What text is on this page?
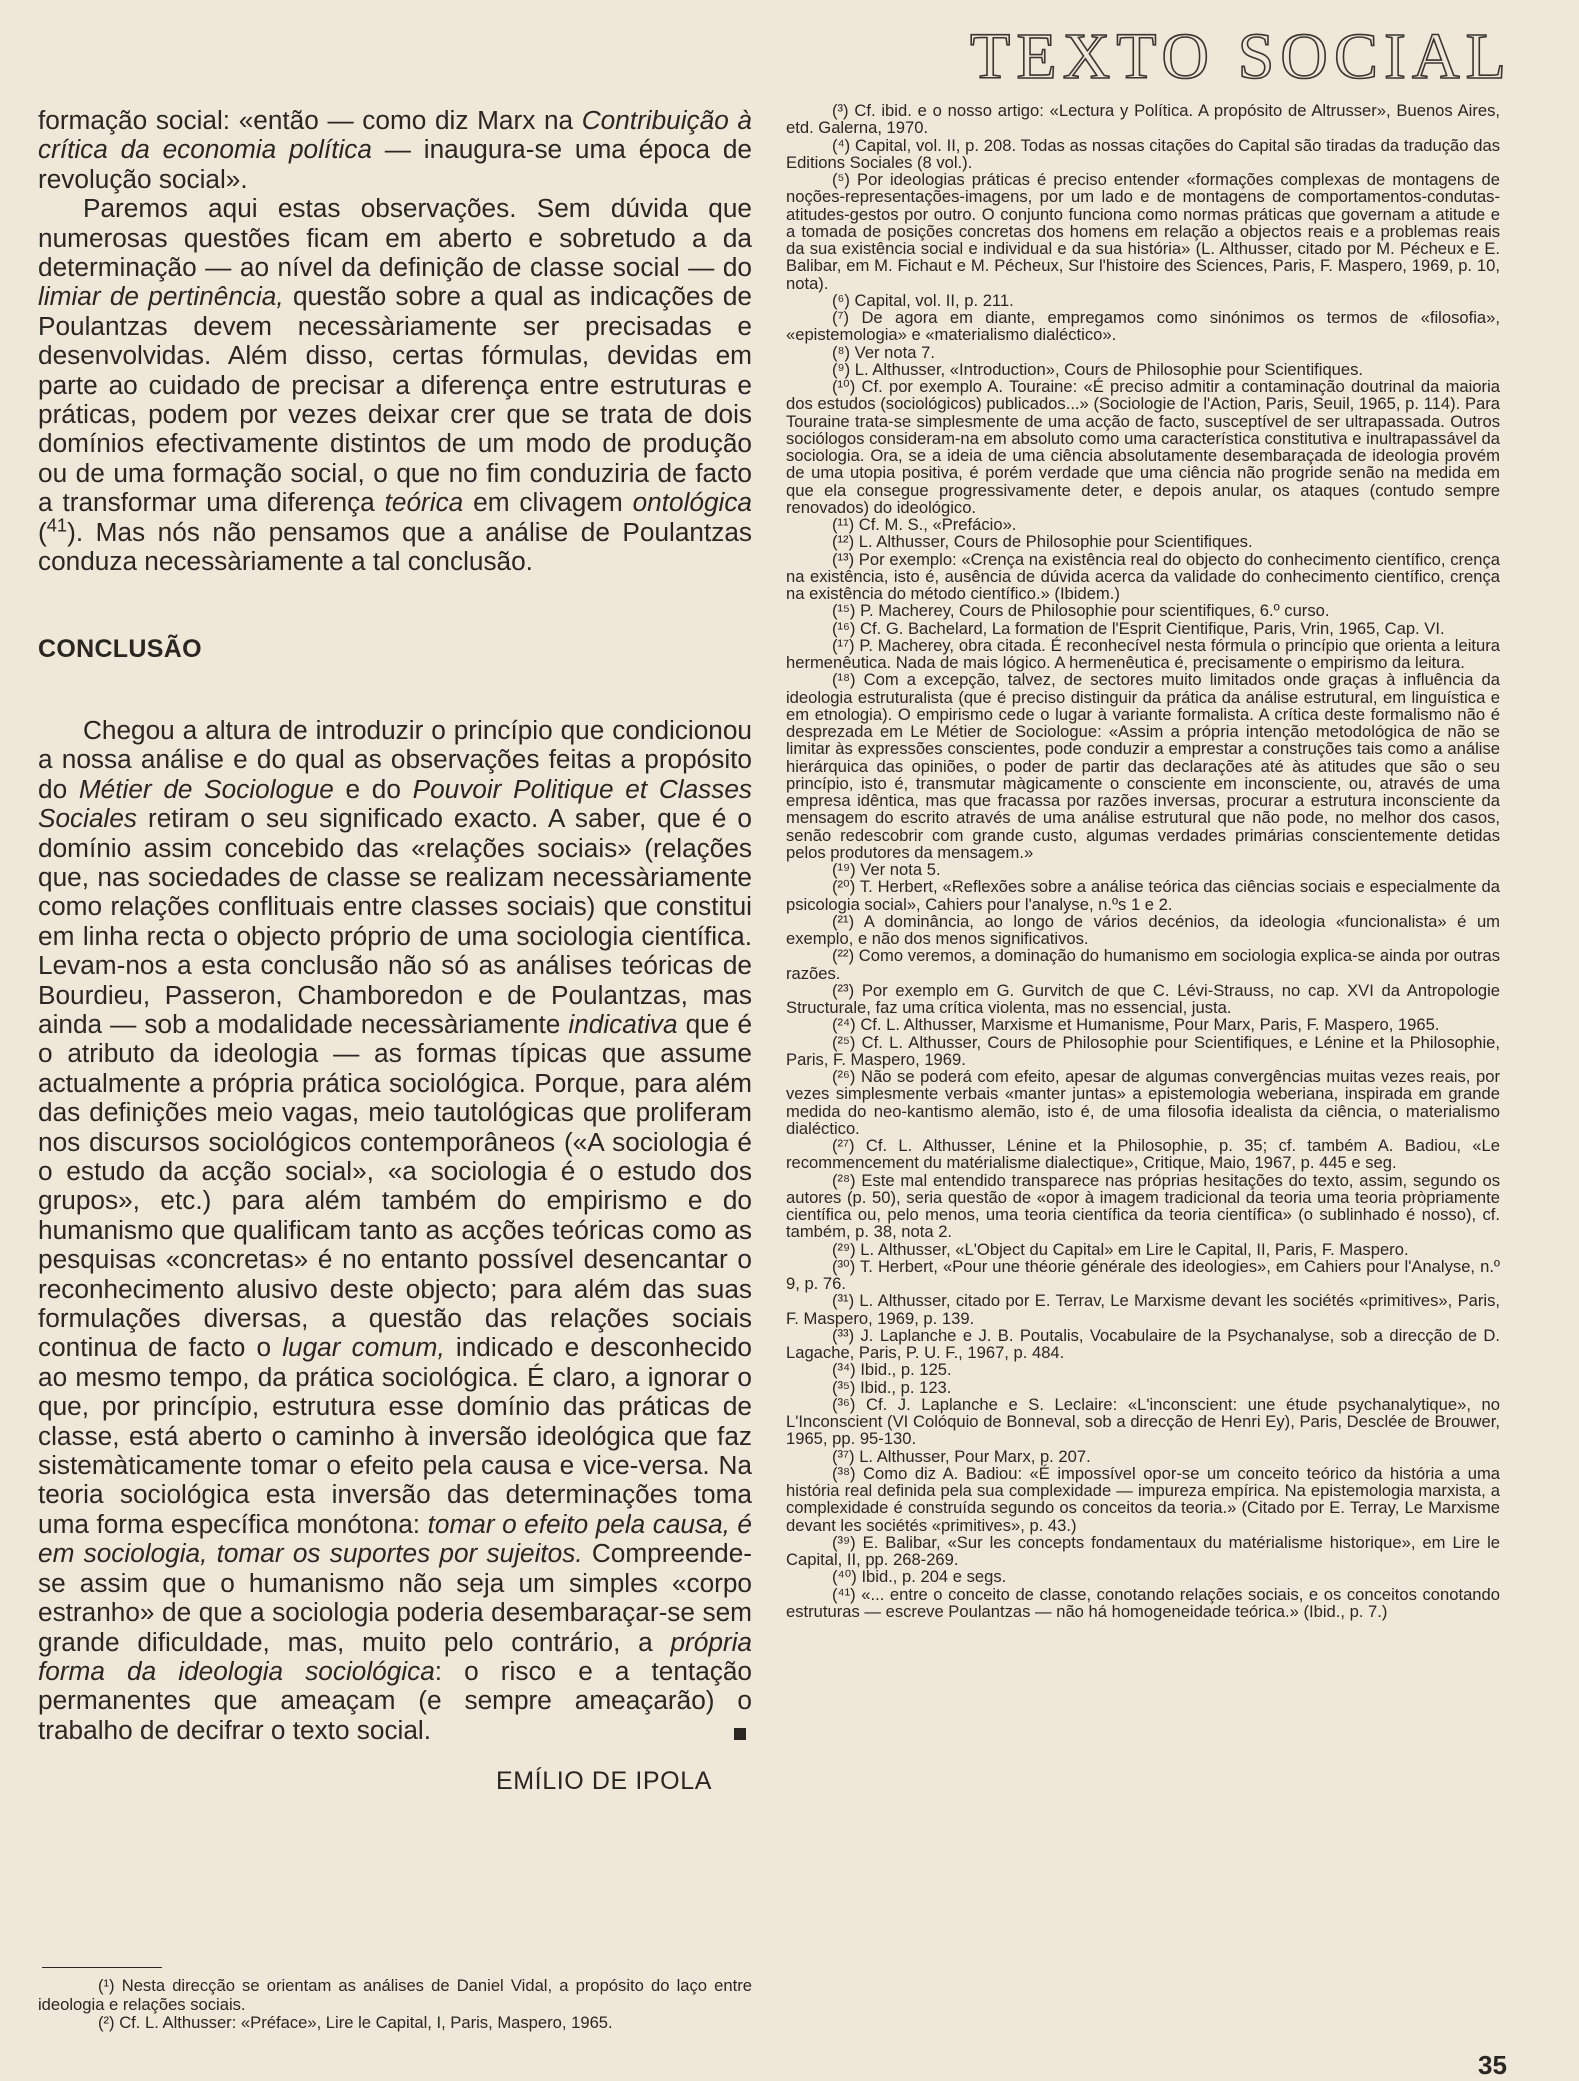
TEXTO SOCIAL

formação social: «então — como diz Marx na Contribuição à crítica da economia política — inaugura-se uma época de revolução social».

Paremos aqui estas observações. Sem dúvida que numerosas questões ficam em aberto e sobretudo a da determinação — ao nível da definição de classe social — do limiar de pertinência, questão sobre a qual as indicações de Poulantzas devem necessàriamente ser precisadas e desenvolvidas. Além disso, certas fórmulas, devidas em parte ao cuidado de precisar a diferença entre estruturas e práticas, podem por vezes deixar crer que se trata de dois domínios efectivamente distintos de um modo de produção ou de uma formação social, o que no fim conduziria de facto a transformar uma diferença teórica em clivagem ontológica ($^{41}$). Mas nós não pensamos que a análise de Poulantzas conduza necessàriamente a tal conclusão.

CONCLUSÃO

Chegou a altura de introduzir o princípio que condicionou a nossa análise e do qual as observações feitas a propósito do Métier de Sociologue e do Pouvoir Politique et Classes Sociales retiram o seu significado exacto. A saber, que é o domínio assim concebido das «relações sociais» (relações que, nas sociedades de classe se realizam necessàriamente como relações conflituais entre classes sociais) que constitui em linha recta o objecto próprio de uma sociologia científica. Levam-nos a esta conclusão não só as análises teóricas de Bourdieu, Passeron, Chamboredon e de Poulantzas, mas ainda — sob a modalidade necessàriamente indicativa que é o atributo da ideologia — as formas típicas que assume actualmente a própria prática sociológica. Porque, para além das definições meio vagas, meio tautológicas que proliferam nos discursos sociológicos contemporâneos («A sociologia é o estudo da acção social», «a sociologia é o estudo dos grupos», etc.) para além também do empirismo e do humanismo que qualificam tanto as acções teóricas como as pesquisas «concretas» é no entanto possível desencantar o reconhecimento alusivo deste objecto; para além das suas formulações diversas, a questão das relações sociais continua de facto o lugar comum, indicado e desconhecido ao mesmo tempo, da prática sociológica. É claro, a ignorar o que, por princípio, estrutura esse domínio das práticas de classe, está aberto o caminho à inversão ideológica que faz sistemàticamente tomar o efeito pela causa e vice-versa. Na teoria sociológica esta inversão das determinações toma uma forma específica monótona: tomar o efeito pela causa, é em sociologia, tomar os suportes por sujeitos. Compreende-se assim que o humanismo não seja um simples «corpo estranho» de que a sociologia poderia desembaraçar-se sem grande dificuldade, mas, muito pelo contrário, a própria forma da ideologia sociológica: o risco e a tentação permanentes que ameaçam (e sempre ameaçarão) o trabalho de decifrar o texto social.

EMÍLIO DE IPOLA

(¹) Nesta direcção se orientam as análises de Daniel Vidal, a propósito do laço entre ideologia e relações sociais.

(²) Cf. L. Althusser: «Préface», Lire le Capital, I, Paris, Maspero, 1965.

(³) Cf. ibid. e o nosso artigo: «Lectura y Política. A propósito de Altrusser», Buenos Aires, etd. Galerna, 1970.

(⁴) Capital, vol. II, p. 208. Todas as nossas citações do Capital são tiradas da tradução das Editions Sociales (8 vol.).

(⁵) Por ideologias práticas é preciso entender «formações complexas de montagens de noções-representações-imagens, por um lado e de montagens de comportamentos-condutas-atitudes-gestos por outro. O conjunto funciona como normas práticas que governam a atitude e a tomada de posições concretas dos homens em relação a objectos reais e a problemas reais da sua existência social e individual e da sua história» (L. Althusser, citado por M. Pécheux e E. Balibar, em M. Fichaut e M. Pécheux, Sur l'histoire des Sciences, Paris, F. Maspero, 1969, p. 10, nota).

(⁶) Capital, vol. II, p. 211.

(⁷) De agora em diante, empregamos como sinónimos os termos de «filosofia», «epistemologia» e «materialismo dialéctico».

(⁸) Ver nota 7.

(⁹) L. Althusser, «Introduction», Cours de Philosophie pour Scientifiques.

(¹⁰) Cf. por exemplo A. Touraine: «É preciso admitir a contaminação doutrinal da maioria dos estudos (sociológicos) publicados...» (Sociologie de l'Action, Paris, Seuil, 1965, p. 114). Para Touraine trata-se simplesmente de uma acção de facto, susceptível de ser ultrapassada. Outros sociólogos consideram-na em absoluto como uma característica constitutiva e inultrapassável da sociologia. Ora, se a ideia de uma ciência absolutamente desembaraçada de ideologia provém de uma utopia positiva, é porém verdade que uma ciência não progride senão na medida em que ela consegue progressivamente deter, e depois anular, os ataques (contudo sempre renovados) do ideológico.

(¹¹) Cf. M. S., «Prefácio».

(¹²) L. Althusser, Cours de Philosophie pour Scientifiques.

(¹³) Por exemplo: «Crença na existência real do objecto do conhecimento científico, crença na existência, isto é, ausência de dúvida acerca da validade do conhecimento científico, crença na existência do método científico.» (Ibidem.)

(¹⁵) P. Macherey, Cours de Philosophie pour scientifiques, 6.º curso.

(¹⁶) Cf. G. Bachelard, La formation de l'Esprit Cientifique, Paris, Vrin, 1965, Cap. VI.

(¹⁷) P. Macherey, obra citada. É reconhecível nesta fórmula o princípio que orienta a leitura hermenêutica. Nada de mais lógico. A hermenêutica é, precisamente o empirismo da leitura.

(¹⁸) Com a excepção, talvez, de sectores muito limitados onde graças à influência da ideologia estruturalista (que é preciso distinguir da prática da análise estrutural, em linguística e em etnologia). O empirismo cede o lugar à variante formalista. A crítica deste formalismo não é desprezada em Le Métier de Sociologue: «Assim a própria intenção metodológica de não se limitar às expressões conscientes, pode conduzir a emprestar a construções tais como a análise hierárquica das opiniões, o poder de partir das declarações até às atitudes que são o seu princípio, isto é, transmutar màgicamente o consciente em inconsciente, ou, através de uma empresa idêntica, mas que fracassa por razões inversas, procurar a estrutura inconsciente da mensagem do escrito através de uma análise estrutural que não pode, no melhor dos casos, senão redescobrir com grande custo, algumas verdades primárias conscientemente detidas pelos produtores da mensagem.»

(¹⁹) Ver nota 5.

(²⁰) T. Herbert, «Reflexões sobre a análise teórica das ciências sociais e especialmente da psicologia social», Cahiers pour l'analyse, n.ºs 1 e 2.

(²¹) A dominância, ao longo de vários decénios, da ideologia «funcionalista» é um exemplo, e não dos menos significativos.

(²²) Como veremos, a dominação do humanismo em sociologia explica-se ainda por outras razões.

(²³) Por exemplo em G. Gurvitch de que C. Lévi-Strauss, no cap. XVI da Antropologie Structurale, faz uma crítica violenta, mas no essencial, justa.

(²⁴) Cf. L. Althusser, Marxisme et Humanisme, Pour Marx, Paris, F. Maspero, 1965.

(²⁵) Cf. L. Althusser, Cours de Philosophie pour Scientifiques, e Lénine et la Philosophie, Paris, F. Maspero, 1969.

(²⁶) Não se poderá com efeito, apesar de algumas convergências muitas vezes reais, por vezes simplesmente verbais «manter juntas» a epistemologia weberiana, inspirada em grande medida do neo-kantismo alemão, isto é, de uma filosofia idealista da ciência, o materialismo dialéctico.

(²⁷) Cf. L. Althusser, Lénine et la Philosophie, p. 35; cf. também A. Badiou, «Le recommencement du matérialisme dialectique», Critique, Maio, 1967, p. 445 e seg.

(²⁸) Este mal entendido transparece nas próprias hesitações do texto, assim, segundo os autores (p. 50), seria questão de «opor à imagem tradicional da teoria uma teoria pròpriamente científica ou, pelo menos, uma teoria científica da teoria científica» (o sublinhado é nosso), cf. também, p. 38, nota 2.

(²⁹) L. Althusser, «L'Object du Capital» em Lire le Capital, II, Paris, F. Maspero.

(³⁰) T. Herbert, «Pour une théorie générale des ideologies», em Cahiers pour l'Analyse, n.º 9, p. 76.

(³¹) L. Althusser, citado por E. Terrav, Le Marxisme devant les sociétés «primitives», Paris, F. Maspero, 1969, p. 139.

(³³) J. Laplanche e J. B. Poutalis, Vocabulaire de la Psychanalyse, sob a direcção de D. Lagache, Paris, P. U. F., 1967, p. 484.

(³⁴) Ibid., p. 125.

(³⁵) Ibid., p. 123.

(³⁶) Cf. J. Laplanche e S. Leclaire: «L'inconscient: une étude psychanalytique», no L'Inconscient (VI Colóquio de Bonneval, sob a direcção de Henri Ey), Paris, Desclée de Brouwer, 1965, pp. 95-130.

(³⁷) L. Althusser, Pour Marx, p. 207.

(³⁸) Como diz A. Badiou: «É impossível opor-se um conceito teórico da história a uma história real definida pela sua complexidade — impureza empírica. Na epistemologia marxista, a complexidade é construída segundo os conceitos da teoria.» (Citado por E. Terray, Le Marxisme devant les sociétés «primitives», p. 43.)

(³⁹) E. Balibar, «Sur les concepts fondamentaux du matérialisme historique», em Lire le Capital, II, pp. 268-269.

(⁴⁰) Ibid., p. 204 e segs.

(⁴¹) «... entre o conceito de classe, conotando relações sociais, e os conceitos conotando estruturas — escreve Poulantzas — não há homogeneidade teórica.» (Ibid., p. 7.)

35
